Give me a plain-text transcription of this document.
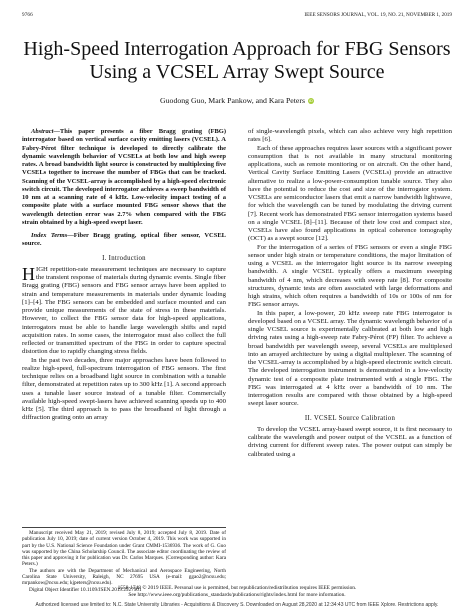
9766	IEEE SENSORS JOURNAL, VOL. 19, NO. 21, NOVEMBER 1, 2019
High-Speed Interrogation Approach for FBG Sensors Using a VCSEL Array Swept Source
Guodong Guo, Mark Pankow, and Kara Peters iD

Abstract—This paper presents a fiber Bragg grating (FBG) interrogator based on vertical surface cavity emitting lasers (VCSEL). A Fabry-Pérot filter technique is developed to directly calibrate the dynamic wavelength behavior of VCSELs at both low and high sweep rates. A broad bandwidth light source is constructed by multiplexing five VCSELs together to increase the number of FBGs that can be tracked. Scanning of the VCSEL-array is accomplished by a high-speed electronic switch circuit. The developed interrogator achieves a sweep bandwidth of 10 nm at a scanning rate of 4 kHz. Low-velocity impact testing of a composite plate with a surface mounted FBG sensor shows that the wavelength detection error was 2.7% when compared with the FBG strain obtained by a high-speed swept laser.

Index Terms—Fiber Bragg grating, optical fiber sensor, VCSEL source.

I. Introduction

HIGH repetition-rate measurement techniques are necessary to capture the transient response of materials during dynamic events. Single fiber Bragg grating (FBG) sensors and FBG sensor arrays have been applied to strain and temperature measurements in materials under dynamic loading [1]–[4]. The FBG sensors can be embedded and surface mounted and can provide unique measurements of the state of stress in these materials. However, to collect the FBG sensor data for high-speed applications, interrogators must be able to handle large wavelength shifts and rapid acquisition rates. In some cases, the interrogator must also collect the full reflected or transmitted spectrum of the FBG in order to capture spectral distortion due to rapidly changing stress fields.

In the past two decades, three major approaches have been followed to realize high-speed, full-spectrum interrogation of FBG sensors. The first technique relies on a broadband light source in combination with a tunable filter, demonstrated at repetition rates up to 300 kHz [1]. A second approach uses a tunable laser source instead of a tunable filter. Commercially available high-speed swept-lasers have achieved scanning speeds up to 400 kHz [5]. The third approach is to pass the broadband of light through a diffraction grating onto an array

Manuscript received May 21, 2019; revised July 8, 2019; accepted July 8, 2019. Date of publication July 10, 2019; date of current version October 4, 2019. This work was supported in part by the U.S. National Science Foundation under Grant CMMI-1536936. The work of G. Guo was supported by the China Scholarship Council. The associate editor coordinating the review of this paper and approving it for publication was Dr. Carlos Marques. (Corresponding author: Kara Peters.)

The authors are with the Department of Mechanical and Aerospace Engineering, North Carolina State University, Raleigh, NC 27695 USA (e-mail: ggao2@ncsu.edu; mrpankow@ncsu.edu; kjpeters@ncsu.edu).

Digital Object Identifier 10.1109/JSEN.2019.2927901

of single-wavelength pixels, which can also achieve very high repetition rates [6].

Each of these approaches requires laser sources with a significant power consumption that is not available in many structural monitoring applications, such as remote monitoring or on aircraft. On the other hand, Vertical Cavity Surface Emitting Lasers (VCSELs) provide an attractive alternative to realize a low-power-consumption tunable source. They also have the potential to reduce the cost and size of the interrogator system. VCSELs are semiconductor lasers that emit a narrow bandwidth lightwave, for which the wavelength can be tuned by modulating the driving current [7]. Recent work has demonstrated FBG sensor interrogation systems based on a single VCSEL [8]–[11]. Because of their low cost and compact size, VCSELs have also found applications in optical coherence tomography (OCT) as a swept source [12].

For the interrogation of a series of FBG sensors or even a single FBG sensor under high strain or temperature conditions, the major limitation of using a VCSEL as the interrogator light source is its narrow sweeping bandwidth. A single VCSEL typically offers a maximum sweeping bandwidth of 4 nm, which decreases with sweep rate [8]. For composite structures, dynamic tests are often associated with large deformations and high strains, which often requires a bandwidth of 10s or 100s of nm for FBG sensor arrays.

In this paper, a low-power, 20 kHz sweep rate FBG interrogator is developed based on a VCSEL array. The dynamic wavelength behavior of a single VCSEL source is experimentally calibrated at both low and high driving rates using a high-sweep rate Fabry-Pérot (FP) filter. To achieve a broad bandwidth per wavelength sweep, several VCSELs are multiplexed into an arrayed architecture by using a digital multiplexer. The scanning of the VCSEL-array is accomplished by a high-speed electronic switch circuit. The developed interrogation instrument is demonstrated in a low-velocity dynamic test of a composite plate instrumented with a single FBG. The FBG was interrogated at 4 kHz over a bandwidth of 10 nm. The interrogation results are compared with those obtained by a high-speed swept laser source.

II. VCSEL Source Calibration

To develop the VCSEL array-based swept source, it is first necessary to calibrate the wavelength and power output of the VCSEL as a function of driving current for different sweep rates. The power output can simply be calibrated using a

1558-1748 © 2019 IEEE. Personal use is permitted, but republication/redistribution requires IEEE permission.
See http://www.ieee.org/publications_standards/publications/rights/index.html for more information.
Authorized licensed use limited to: N.C. State University Libraries - Acquisitions & Discovery S. Downloaded on August 28,2020 at 12:34:43 UTC from IEEE Xplore. Restrictions apply.
